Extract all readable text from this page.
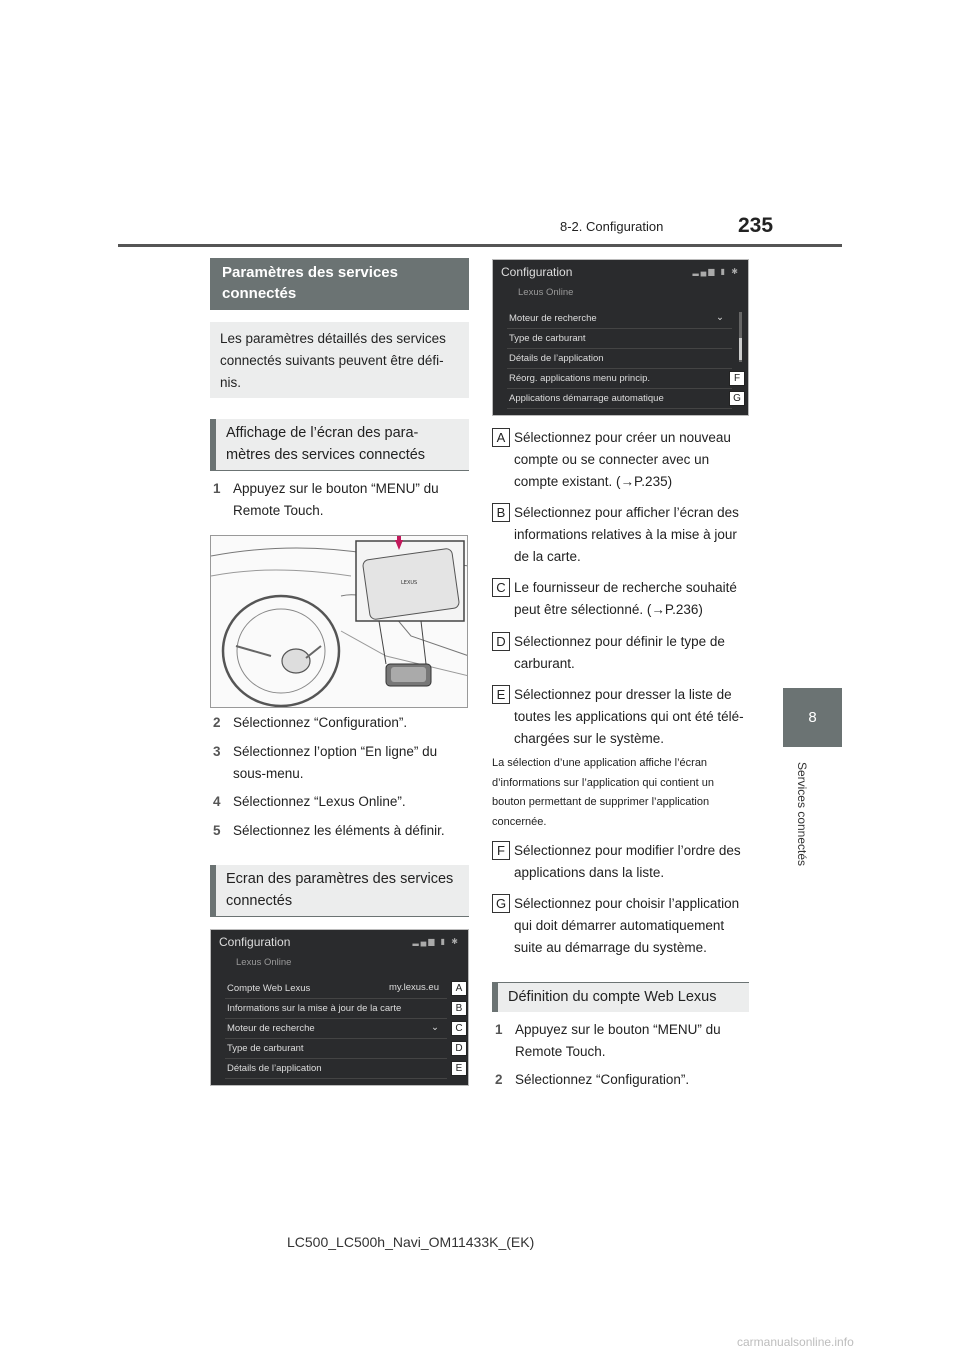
8-2. Configuration	235
8
Services connectés
Paramètres des services connectés
Les paramètres détaillés des services connectés suivants peuvent être défi-nis.
Affichage de l’écran des para-mètres des services connectés
1 Appuyez sur le bouton “MENU” du Remote Touch.
LEXUS
2 Sélectionnez “Configuration”.
3 Sélectionnez l’option “En ligne” du sous-menu.
4 Sélectionnez “Lexus Online”.
5 Sélectionnez les éléments à définir.
Ecran des paramètres des services connectés
Configuration	▂▄▆ ▮ ✱
Lexus Online
Compte Web Lexus	my.lexus.eu
Informations sur la mise à jour de la carte
Moteur de recherche	⌄
Type de carburant
Détails de l’application
A
B
C
D
E
Configuration	▂▄▆ ▮ ✱
Lexus Online
Moteur de recherche	⌄
Type de carburant
Détails de l’application
Réorg. applications menu princip.
Applications démarrage automatique
F
G
A Sélectionnez pour créer un nouveau compte ou se connecter avec un compte existant. (→P.235)
B Sélectionnez pour afficher l’écran des informations relatives à la mise à jour de la carte.
C Le fournisseur de recherche souhaité peut être sélectionné. (→P.236)
D Sélectionnez pour définir le type de carburant.
E Sélectionnez pour dresser la liste de toutes les applications qui ont été télé-chargées sur le système.
La sélection d’une application affiche l’écran d’informations sur l’application qui contient un bouton permettant de supprimer l’application concernée.
F Sélectionnez pour modifier l’ordre des applications dans la liste.
G Sélectionnez pour choisir l’application qui doit démarrer automatiquement suite au démarrage du système.
Définition du compte Web Lexus
1 Appuyez sur le bouton “MENU” du Remote Touch.
2 Sélectionnez “Configuration”.
LC500_LC500h_Navi_OM11433K_(EK)
carmanualsonline.info
